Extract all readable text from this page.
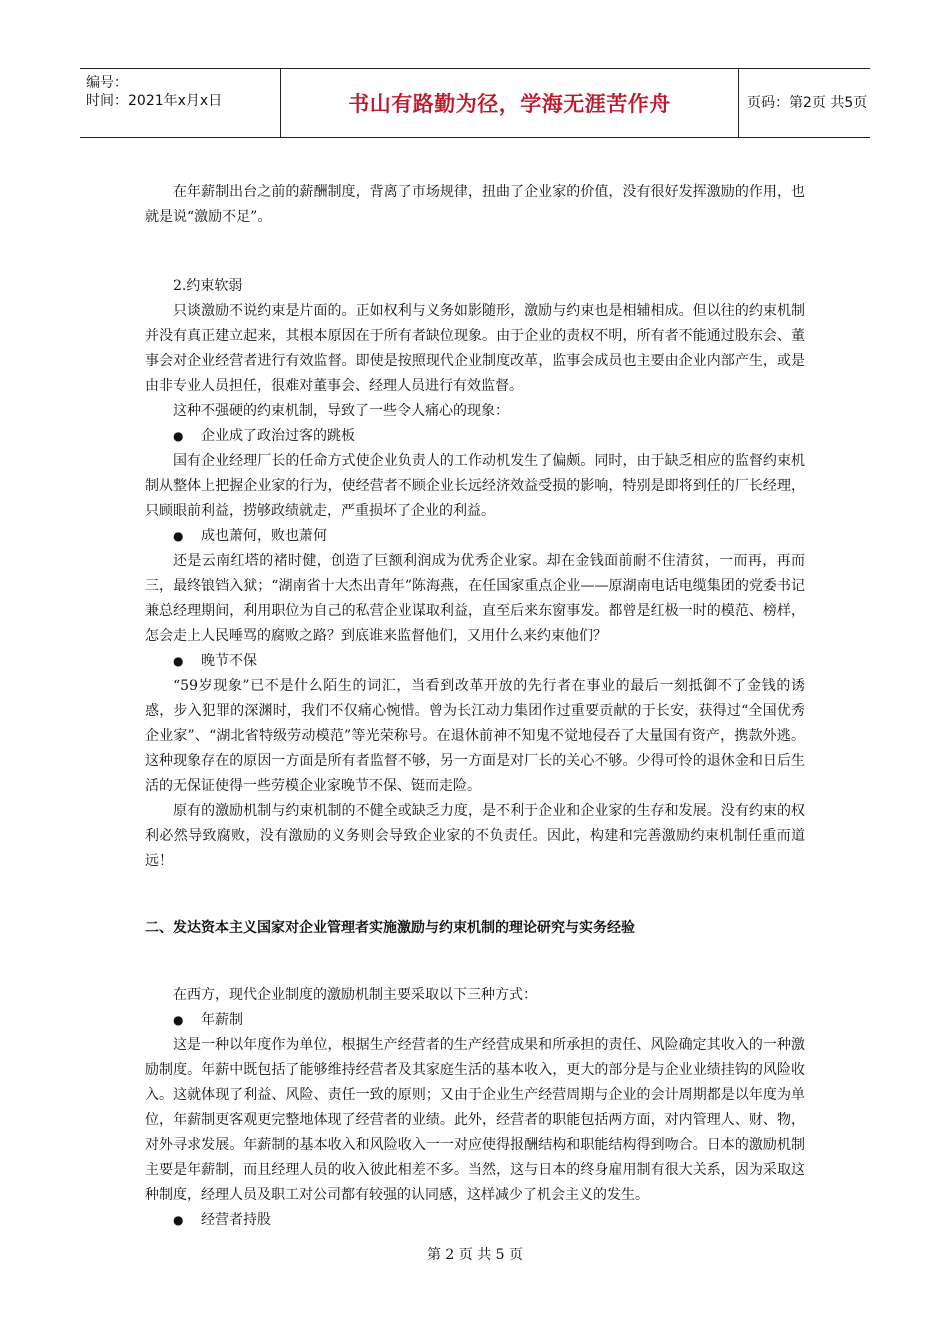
编号：
时间：2021年x月x日	书山有路勤为径，学海无涯苦作舟	页码：第2页 共5页

在年薪制出台之前的薪酬制度，背离了市场规律，扭曲了企业家的价值，没有很好发挥激励的作用，也就是说“激励不足”。

2.约束软弱

只谈激励不说约束是片面的。正如权利与义务如影随形，激励与约束也是相辅相成。但以往的约束机制并没有真正建立起来，其根本原因在于所有者缺位现象。由于企业的责权不明，所有者不能通过股东会、董事会对企业经营者进行有效监督。即使是按照现代企业制度改革，监事会成员也主要由企业内部产生，或是由非专业人员担任，很难对董事会、经理人员进行有效监督。

这种不强硬的约束机制，导致了一些令人痛心的现象：

●	企业成了政治过客的跳板

国有企业经理厂长的任命方式使企业负责人的工作动机发生了偏颇。同时，由于缺乏相应的监督约束机制从整体上把握企业家的行为，使经营者不顾企业长远经济效益受损的影响，特别是即将到任的厂长经理，只顾眼前利益，捞够政绩就走，严重损坏了企业的利益。

●	成也萧何，败也萧何

还是云南红塔的褚时健，创造了巨额利润成为优秀企业家。却在金钱面前耐不住清贫，一而再，再而三，最终锒铛入狱；“湖南省十大杰出青年”陈海燕，在任国家重点企业——原湖南电话电缆集团的党委书记兼总经理期间，利用职位为自己的私营企业谋取利益，直至后来东窗事发。都曾是红极一时的模范、榜样，怎会走上人民唾骂的腐败之路？到底谁来监督他们，又用什么来约束他们？

●	晚节不保

“59岁现象”已不是什么陌生的词汇，当看到改革开放的先行者在事业的最后一刻抵御不了金钱的诱惑，步入犯罪的深渊时，我们不仅痛心惋惜。曾为长江动力集团作过重要贡献的于长安，获得过“全国优秀企业家”、“湖北省特级劳动模范”等光荣称号。在退休前神不知鬼不觉地侵吞了大量国有资产，携款外逃。这种现象存在的原因一方面是所有者监督不够，另一方面是对厂长的关心不够。少得可怜的退休金和日后生活的无保证使得一些劳模企业家晚节不保、铤而走险。

原有的激励机制与约束机制的不健全或缺乏力度，是不利于企业和企业家的生存和发展。没有约束的权利必然导致腐败，没有激励的义务则会导致企业家的不负责任。因此，构建和完善激励约束机制任重而道远！

二、发达资本主义国家对企业管理者实施激励与约束机制的理论研究与实务经验

在西方，现代企业制度的激励机制主要采取以下三种方式：

●	年薪制

这是一种以年度作为单位，根据生产经营者的生产经营成果和所承担的责任、风险确定其收入的一种激励制度。年薪中既包括了能够维持经营者及其家庭生活的基本收入，更大的部分是与企业业绩挂钩的风险收入。这就体现了利益、风险、责任一致的原则；又由于企业生产经营周期与企业的会计周期都是以年度为单位，年薪制更客观更完整地体现了经营者的业绩。此外，经营者的职能包括两方面，对内管理人、财、物，对外寻求发展。年薪制的基本收入和风险收入一一对应使得报酬结构和职能结构得到吻合。日本的激励机制主要是年薪制，而且经理人员的收入彼此相差不多。当然，这与日本的终身雇用制有很大关系，因为采取这种制度，经理人员及职工对公司都有较强的认同感，这样减少了机会主义的发生。

●	经营者持股
第 2 页 共 5 页
